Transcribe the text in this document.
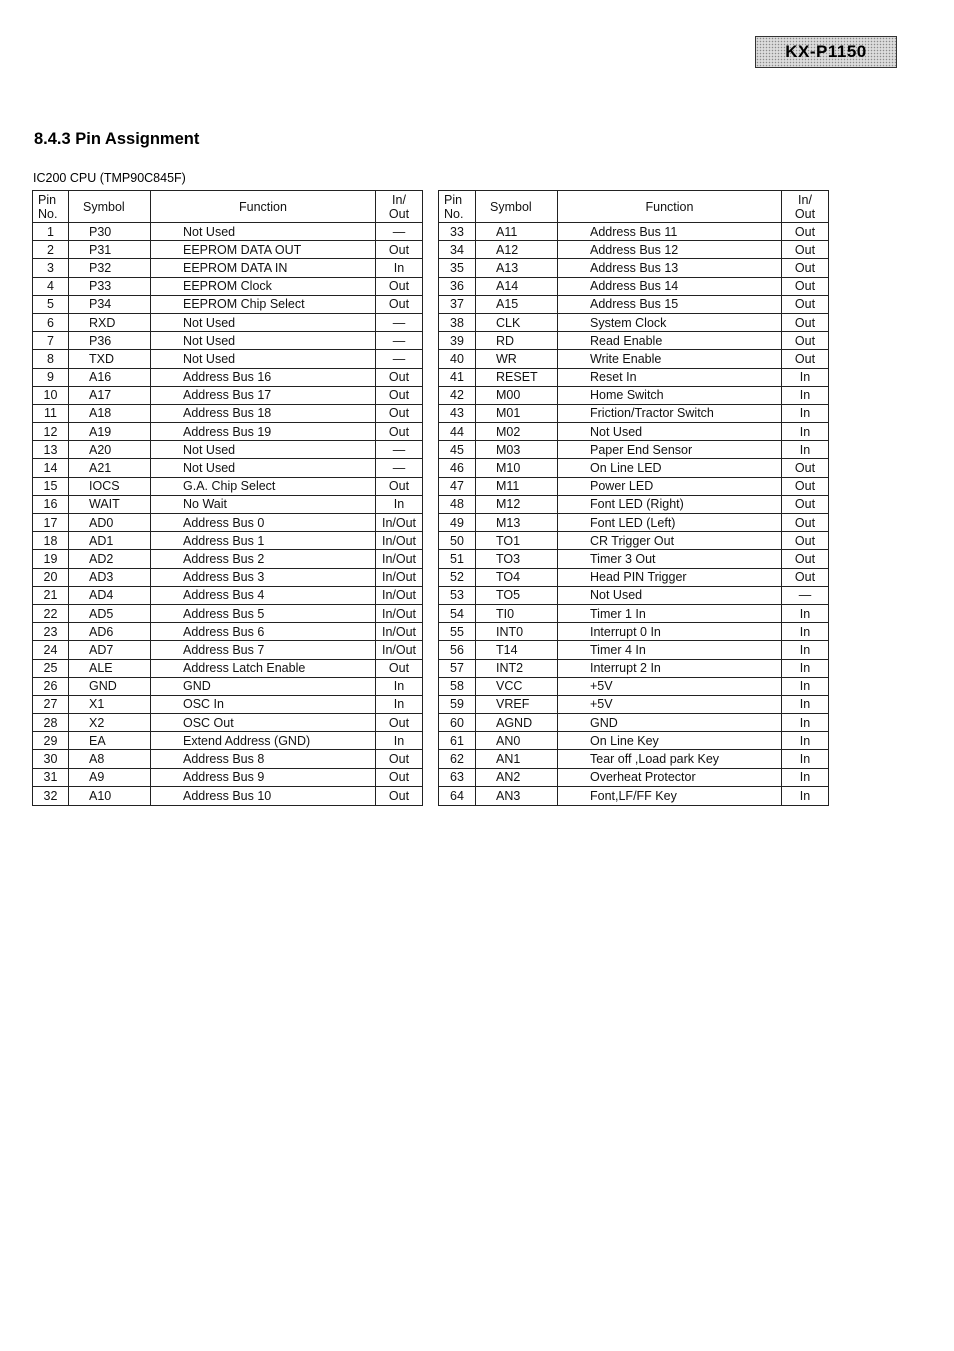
KX-P1150
8.4.3 Pin Assignment
IC200 CPU (TMP90C845F)
Pin
No.	Symbol	Function	In/
Out
1	P30	Not Used	—
2	P31	EEPROM DATA OUT	Out
3	P32	EEPROM DATA IN	In
4	P33	EEPROM Clock	Out
5	P34	EEPROM Chip Select	Out
6	RXD	Not Used	—
7	P36	Not Used	—
8	TXD	Not Used	—
9	A16	Address Bus 16	Out
10	A17	Address Bus 17	Out
11	A18	Address Bus 18	Out
12	A19	Address Bus 19	Out
13	A20	Not Used	—
14	A21	Not Used	—
15	IOCS	G.A. Chip Select	Out
16	WAIT	No Wait	In
17	AD0	Address Bus 0	In/Out
18	AD1	Address Bus 1	In/Out
19	AD2	Address Bus 2	In/Out
20	AD3	Address Bus 3	In/Out
21	AD4	Address Bus 4	In/Out
22	AD5	Address Bus 5	In/Out
23	AD6	Address Bus 6	In/Out
24	AD7	Address Bus 7	In/Out
25	ALE	Address Latch Enable	Out
26	GND	GND	In
27	X1	OSC In	In
28	X2	OSC Out	Out
29	EA	Extend Address (GND)	In
30	A8	Address Bus 8	Out
31	A9	Address Bus 9	Out
32	A10	Address Bus 10	Out
Pin
No.	Symbol	Function	In/
Out
33	A11	Address Bus 11	Out
34	A12	Address Bus 12	Out
35	A13	Address Bus 13	Out
36	A14	Address Bus 14	Out
37	A15	Address Bus 15	Out
38	CLK	System Clock	Out
39	RD	Read Enable	Out
40	WR	Write Enable	Out
41	RESET	Reset In	In
42	M00	Home Switch	In
43	M01	Friction/Tractor Switch	In
44	M02	Not Used	In
45	M03	Paper End Sensor	In
46	M10	On Line LED	Out
47	M11	Power LED	Out
48	M12	Font LED (Right)	Out
49	M13	Font LED (Left)	Out
50	TO1	CR Trigger Out	Out
51	TO3	Timer 3 Out	Out
52	TO4	Head PIN Trigger	Out
53	TO5	Not Used	—
54	TI0	Timer 1 In	In
55	INT0	Interrupt 0 In	In
56	T14	Timer 4 In	In
57	INT2	Interrupt 2 In	In
58	VCC	+5V	In
59	VREF	+5V	In
60	AGND	GND	In
61	AN0	On Line Key	In
62	AN1	Tear off ,Load park Key	In
63	AN2	Overheat Protector	In
64	AN3	Font,LF/FF Key	In
